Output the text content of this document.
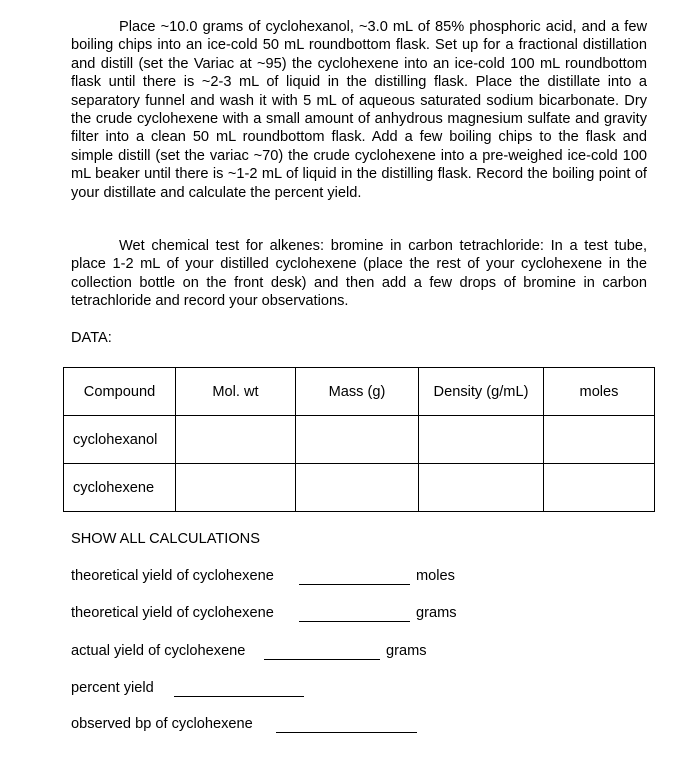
Place ~10.0 grams of cyclohexanol, ~3.0 mL of 85% phosphoric acid, and a few boiling chips into an ice-cold 50 mL roundbottom flask. Set up for a fractional distillation and distill (set the Variac at ~95) the cyclohexene into an ice-cold 100 mL roundbottom flask until there is ~2-3 mL of liquid in the distilling flask. Place the distillate into a separatory funnel and wash it with 5 mL of aqueous saturated sodium bicarbonate. Dry the crude cyclohexene with a small amount of anhydrous magnesium sulfate and gravity filter into a clean 50 mL roundbottom flask. Add a few boiling chips to the flask and simple distill (set the variac ~70) the crude cyclohexene into a pre-weighed ice-cold 100 mL beaker until there is ~1-2 mL of liquid in the distilling flask. Record the boiling point of your distillate and calculate the percent yield.

Wet chemical test for alkenes: bromine in carbon tetrachloride: In a test tube, place 1-2 mL of your distilled cyclohexene (place the rest of your cyclohexene in the collection bottle on the front desk) and then add a few drops of bromine in carbon tetrachloride and record your observations.

DATA:
Compound	Mol. wt	Mass (g)	Density (g/mL)	moles
cyclohexanol				
cyclohexene				
SHOW ALL CALCULATIONS
theoretical yield of cyclohexene	moles
theoretical yield of cyclohexene	grams
actual yield of cyclohexene	grams
percent yield
observed bp of cyclohexene
